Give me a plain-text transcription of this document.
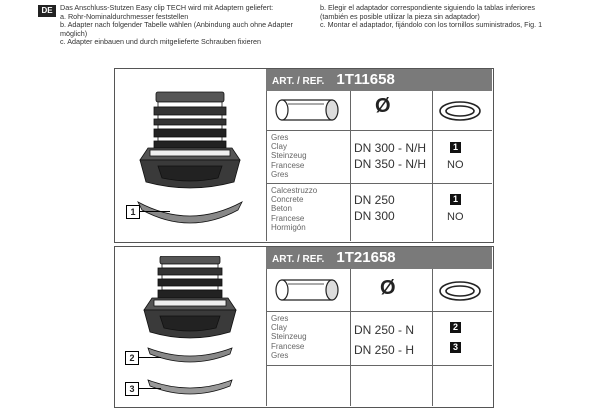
DE	Das Anschluss-Stutzen Easy clip TECH wird mit Adaptern geliefert:
a. Rohr-Nominaldurchmesser feststellen
b. Adapter nach folgender Tabelle wählen (Anbindung auch ohne Adapter möglich)
c. Adapter einbauen und durch mitgelieferte Schrauben fixieren
b. Elegir el adaptador correspondiente siguiendo la tablas inferiores (también es posible utilizar la pieza sin adaptador)
c. Montar el adaptador, fijándolo con los tornillos suministrados, Fig. 1
1
ART. / REF. 1T11658
Ø
Gres
Clay
Steinzeug
Francese
Gres
DN 300 - N/H
DN 350 - N/H
1
NO
Calcestruzzo
Concrete
Beton
Francese
Hormigón
DN 250
DN 300
1
NO
2
3
ART. / REF. 1T21658
Ø
Gres
Clay
Steinzeug
Francese
Gres
DN 250 - N
DN 250 - H
2
3
